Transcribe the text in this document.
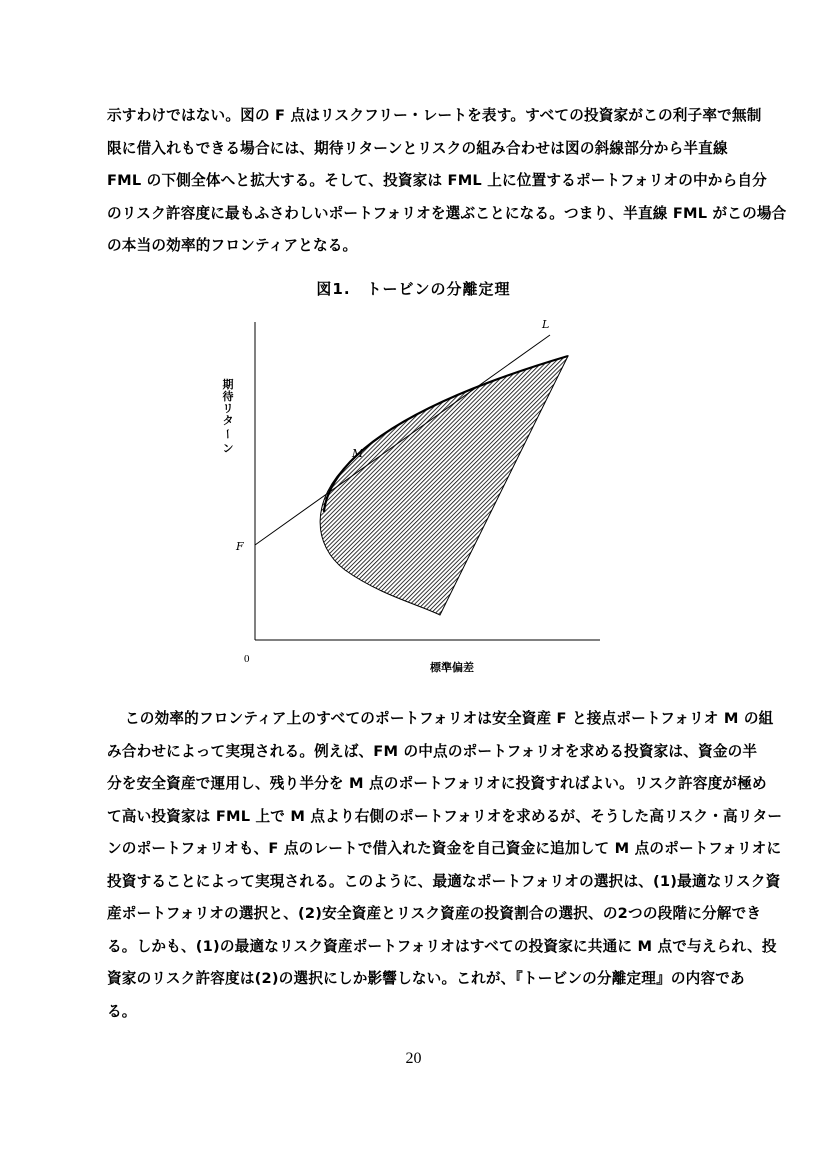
示すわけではない。図の F 点はリスクフリー・レートを表す。すべての投資家がこの利子率で無制
限に借入れもできる場合には、期待リターンとリスクの組み合わせは図の斜線部分から半直線
FML の下側全体へと拡大する。そして、投資家は FML 上に位置するポートフォリオの中から自分
のリスク許容度に最もふさわしいポートフォリオを選ぶことになる。つまり、半直線 FML がこの場合
の本当の効率的フロンティアとなる。
図1.　トービンの分離定理
期
待
リ
タ
ー
ン
F
M
L
0
標準偏差
この効率的フロンティア上のすべてのポートフォリオは安全資産 F と接点ポートフォリオ M の組
み合わせによって実現される。例えば、FM の中点のポートフォリオを求める投資家は、資金の半
分を安全資産で運用し、残り半分を M 点のポートフォリオに投資すればよい。リスク許容度が極め
て高い投資家は FML 上で M 点より右側のポートフォリオを求めるが、そうした高リスク・高リター
ンのポートフォリオも、F 点のレートで借入れた資金を自己資金に追加して M 点のポートフォリオに
投資することによって実現される。このように、最適なポートフォリオの選択は、(1)最適なリスク資
産ポートフォリオの選択と、(2)安全資産とリスク資産の投資割合の選択、の2つの段階に分解でき
る。しかも、(1)の最適なリスク資産ポートフォリオはすべての投資家に共通に M 点で与えられ、投
資家のリスク許容度は(2)の選択にしか影響しない。これが、『トービンの分離定理』の内容であ
る。
20
